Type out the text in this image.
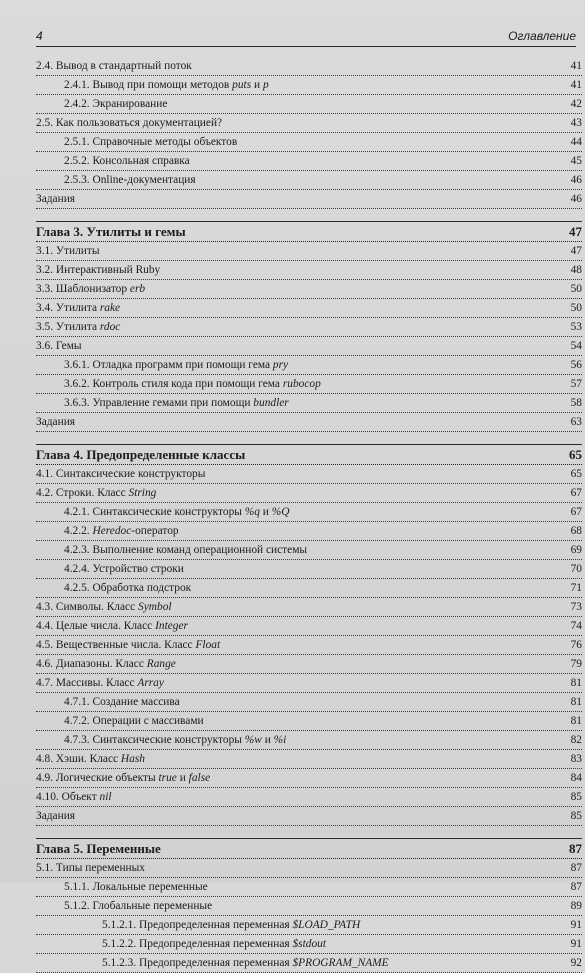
4	Оглавление
2.4. Вывод в стандартный поток	41
2.4.1. Вывод при помощи методов puts и p	41
2.4.2. Экранирование	42
2.5. Как пользоваться документацией?	43
2.5.1. Справочные методы объектов	44
2.5.2. Консольная справка	45
2.5.3. Online-документация	46
Задания	46
Глава 3. Утилиты и гемы	47
3.1. Утилиты	47
3.2. Интерактивный Ruby	48
3.3. Шаблонизатор erb	50
3.4. Утилита rake	50
3.5. Утилита rdoc	53
3.6. Гемы	54
3.6.1. Отладка программ при помощи гема pry	56
3.6.2. Контроль стиля кода при помощи гема rubocop	57
3.6.3. Управление гемами при помощи bundler	58
Задания	63
Глава 4. Предопределенные классы	65
4.1. Синтаксические конструкторы	65
4.2. Строки. Класс String	67
4.2.1. Синтаксические конструкторы %q и %Q	67
4.2.2. Heredoc-оператор	68
4.2.3. Выполнение команд операционной системы	69
4.2.4. Устройство строки	70
4.2.5. Обработка подстрок	71
4.3. Символы. Класс Symbol	73
4.4. Целые числа. Класс Integer	74
4.5. Вещественные числа. Класс Float	76
4.6. Диапазоны. Класс Range	79
4.7. Массивы. Класс Array	81
4.7.1. Создание массива	81
4.7.2. Операции с массивами	81
4.7.3. Синтаксические конструкторы %w и %i	82
4.8. Хэши. Класс Hash	83
4.9. Логические объекты true и false	84
4.10. Объект nil	85
Задания	85
Глава 5. Переменные	87
5.1. Типы переменных	87
5.1.1. Локальные переменные	87
5.1.2. Глобальные переменные	89
5.1.2.1. Предопределенная переменная $LOAD_PATH	91
5.1.2.2. Предопределенная переменная $stdout	91
5.1.2.3. Предопределенная переменная $PROGRAM_NAME	92
